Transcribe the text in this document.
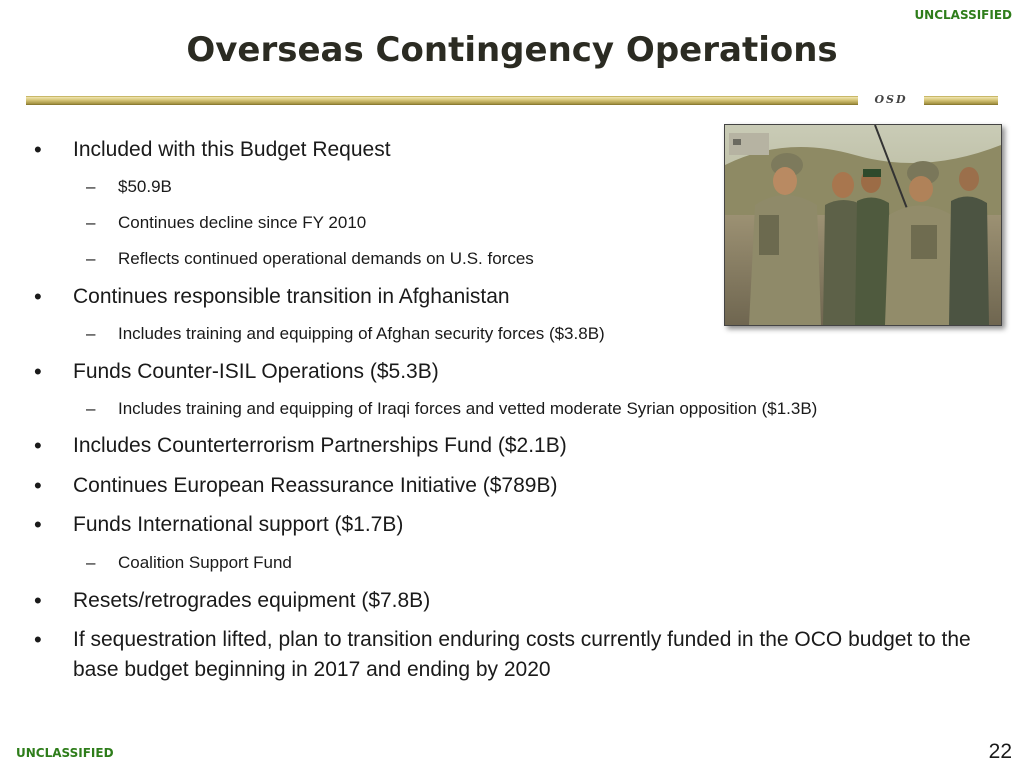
UNCLASSIFIED
Overseas Contingency Operations
OSD
• Included with this Budget Request
– $50.9B
– Continues decline since FY 2010
– Reflects continued operational demands on U.S. forces
• Continues responsible transition in Afghanistan
– Includes training and equipping of Afghan security forces ($3.8B)
• Funds Counter-ISIL Operations ($5.3B)
– Includes training and equipping of Iraqi forces and vetted moderate Syrian opposition ($1.3B)
• Includes Counterterrorism Partnerships Fund ($2.1B)
• Continues European Reassurance Initiative ($789B)
• Funds International support ($1.7B)
– Coalition Support Fund
• Resets/retrogrades equipment ($7.8B)
• If sequestration lifted, plan to transition enduring costs currently funded in the OCO budget to the base budget beginning in 2017 and ending by 2020
UNCLASSIFIED	22
